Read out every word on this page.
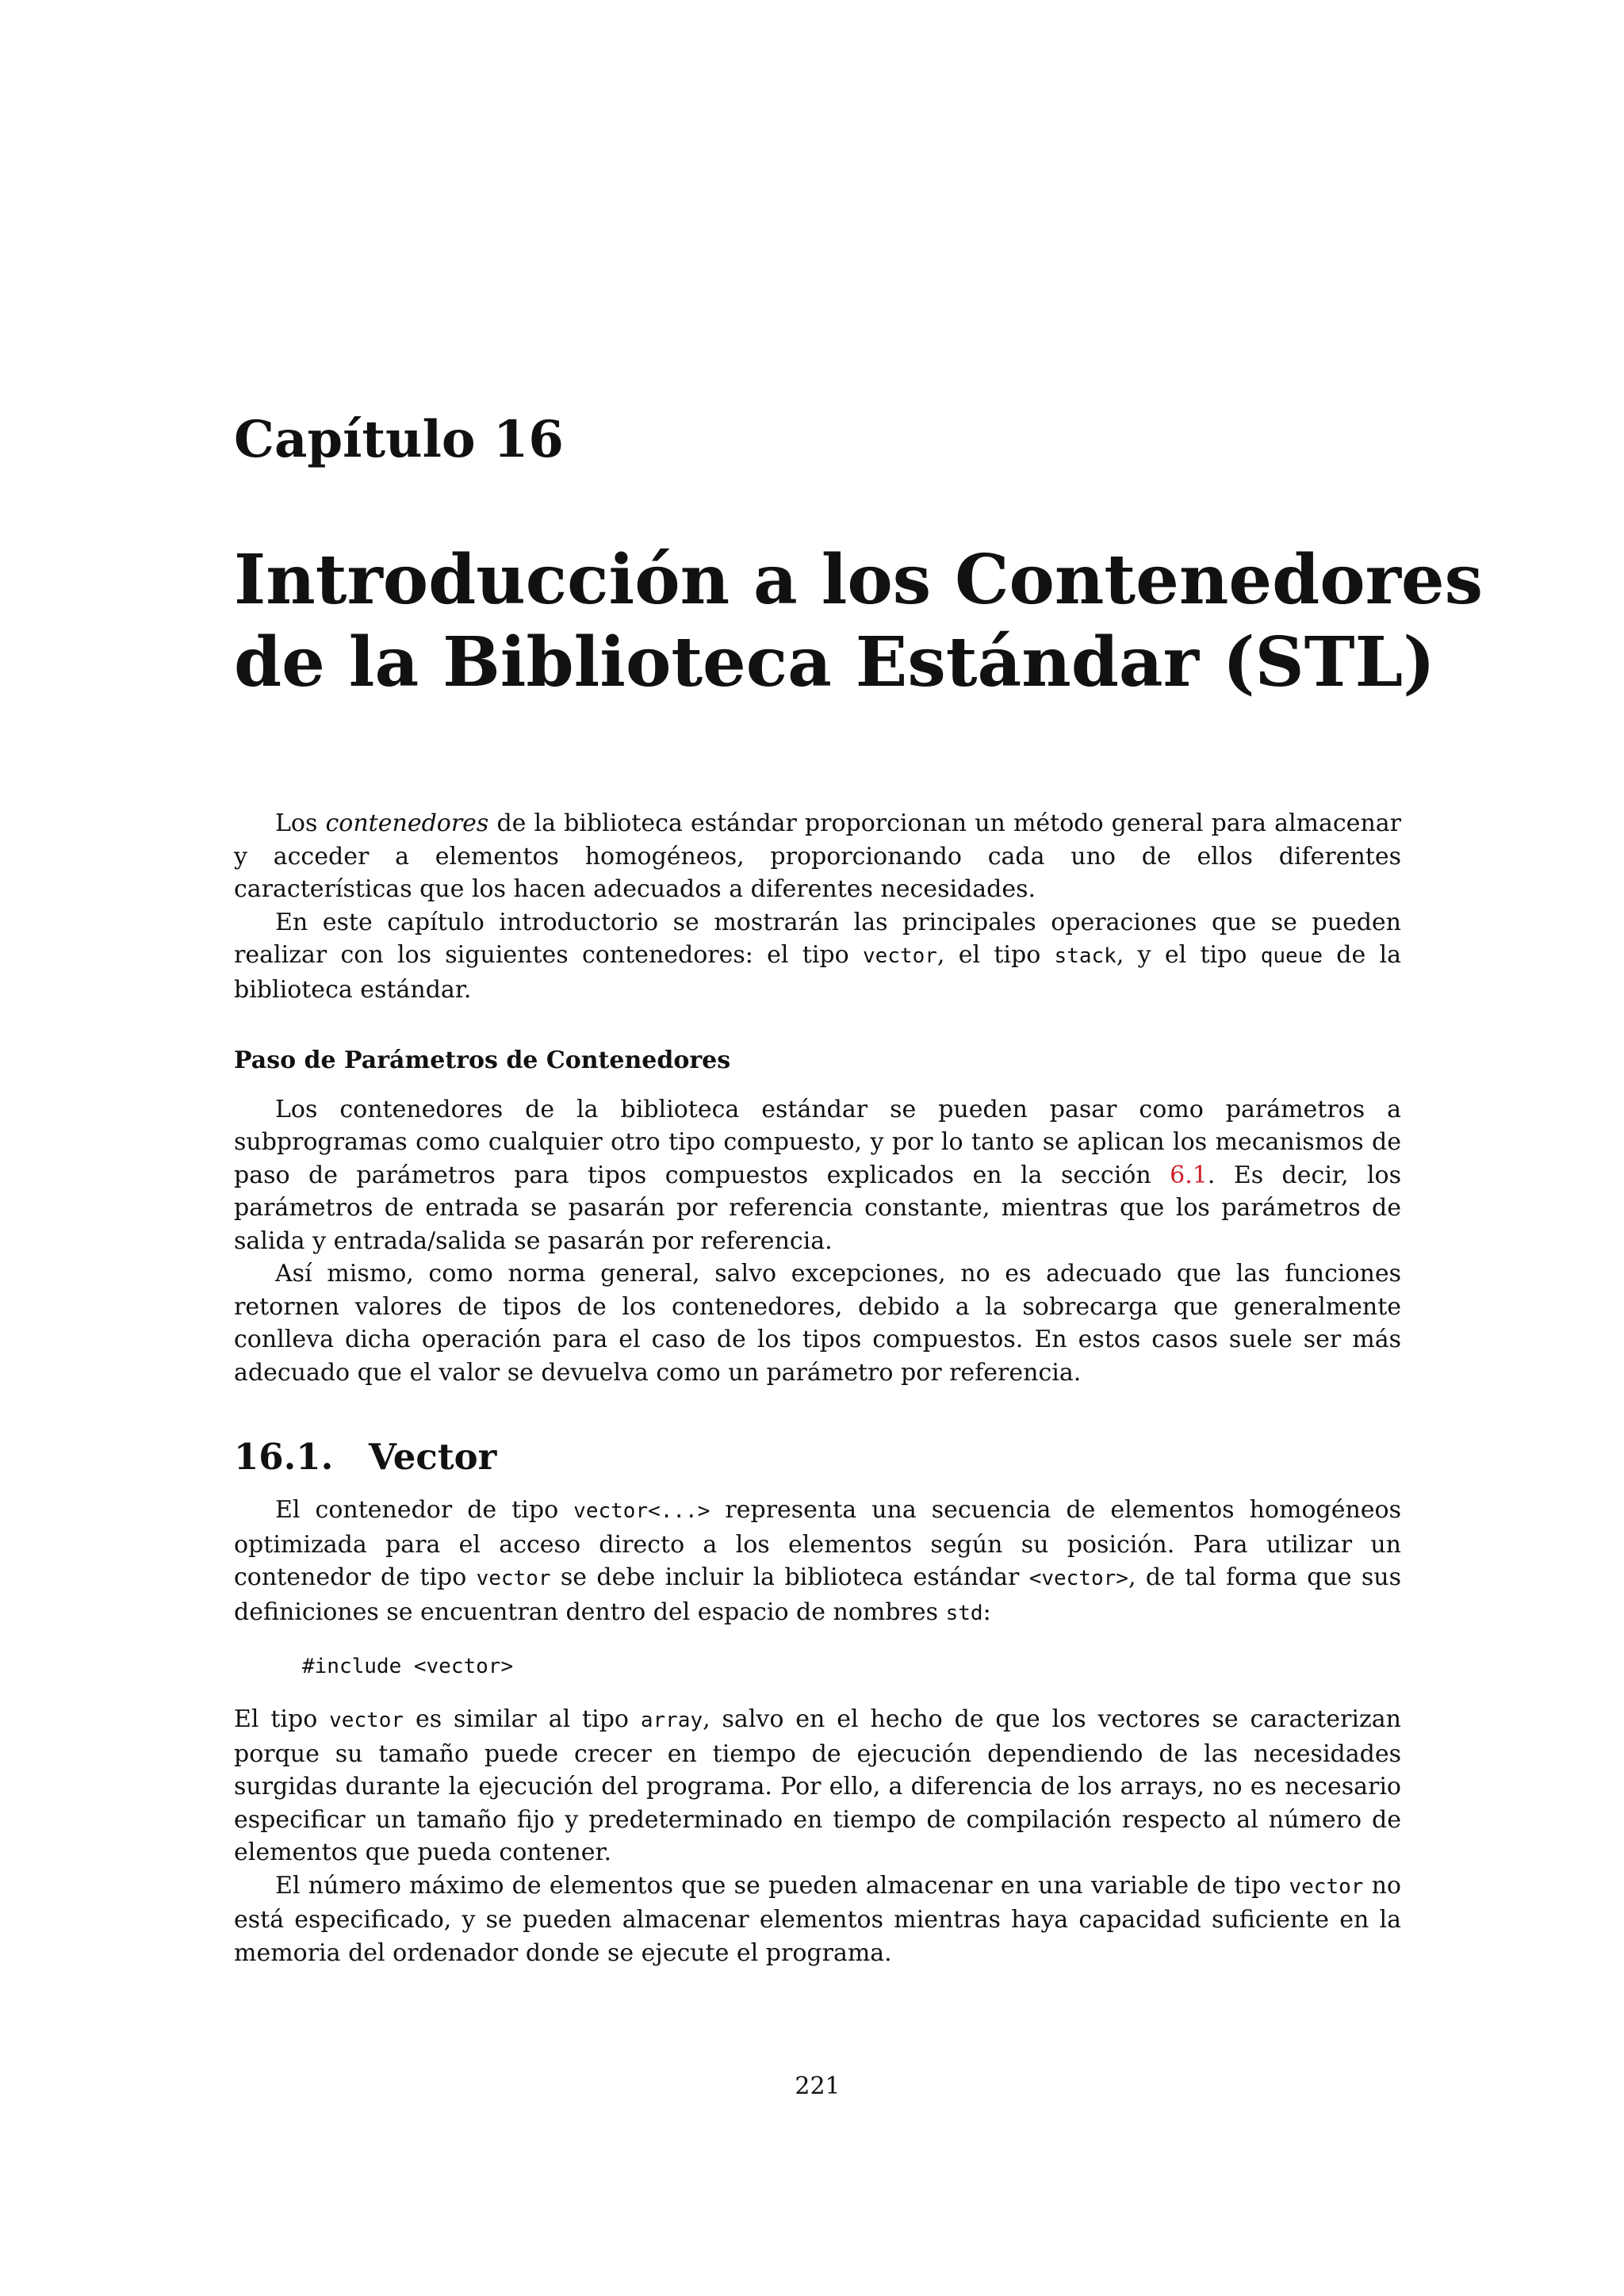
Capítulo 16
Introducción a los Contenedores
de la Biblioteca Estándar (STL)

Los contenedores de la biblioteca estándar proporcionan un método general para almacenar y acceder a elementos homogéneos, proporcionando cada uno de ellos diferentes características que los hacen adecuados a diferentes necesidades.

En este capítulo introductorio se mostrarán las principales operaciones que se pueden realizar con los siguientes contenedores: el tipo vector, el tipo stack, y el tipo queue de la biblioteca estándar.

Paso de Parámetros de Contenedores

Los contenedores de la biblioteca estándar se pueden pasar como parámetros a subprogramas como cualquier otro tipo compuesto, y por lo tanto se aplican los mecanismos de paso de parámetros para tipos compuestos explicados en la sección 6.1. Es decir, los parámetros de entrada se pasarán por referencia constante, mientras que los parámetros de salida y entrada/salida se pasarán por referencia.

Así mismo, como norma general, salvo excepciones, no es adecuado que las funciones retornen valores de tipos de los contenedores, debido a la sobrecarga que generalmente conlleva dicha operación para el caso de los tipos compuestos. En estos casos suele ser más adecuado que el valor se devuelva como un parámetro por referencia.

16.1. Vector

El contenedor de tipo vector<...> representa una secuencia de elementos homogéneos optimizada para el acceso directo a los elementos según su posición. Para utilizar un contenedor de tipo vector se debe incluir la biblioteca estándar <vector>, de tal forma que sus definiciones se encuentran dentro del espacio de nombres std:

#include <vector>

El tipo vector es similar al tipo array, salvo en el hecho de que los vectores se caracterizan porque su tamaño puede crecer en tiempo de ejecución dependiendo de las necesidades surgidas durante la ejecución del programa. Por ello, a diferencia de los arrays, no es necesario especificar un tamaño fijo y predeterminado en tiempo de compilación respecto al número de elementos que pueda contener.

El número máximo de elementos que se pueden almacenar en una variable de tipo vector no está especificado, y se pueden almacenar elementos mientras haya capacidad suficiente en la memoria del ordenador donde se ejecute el programa.

221
